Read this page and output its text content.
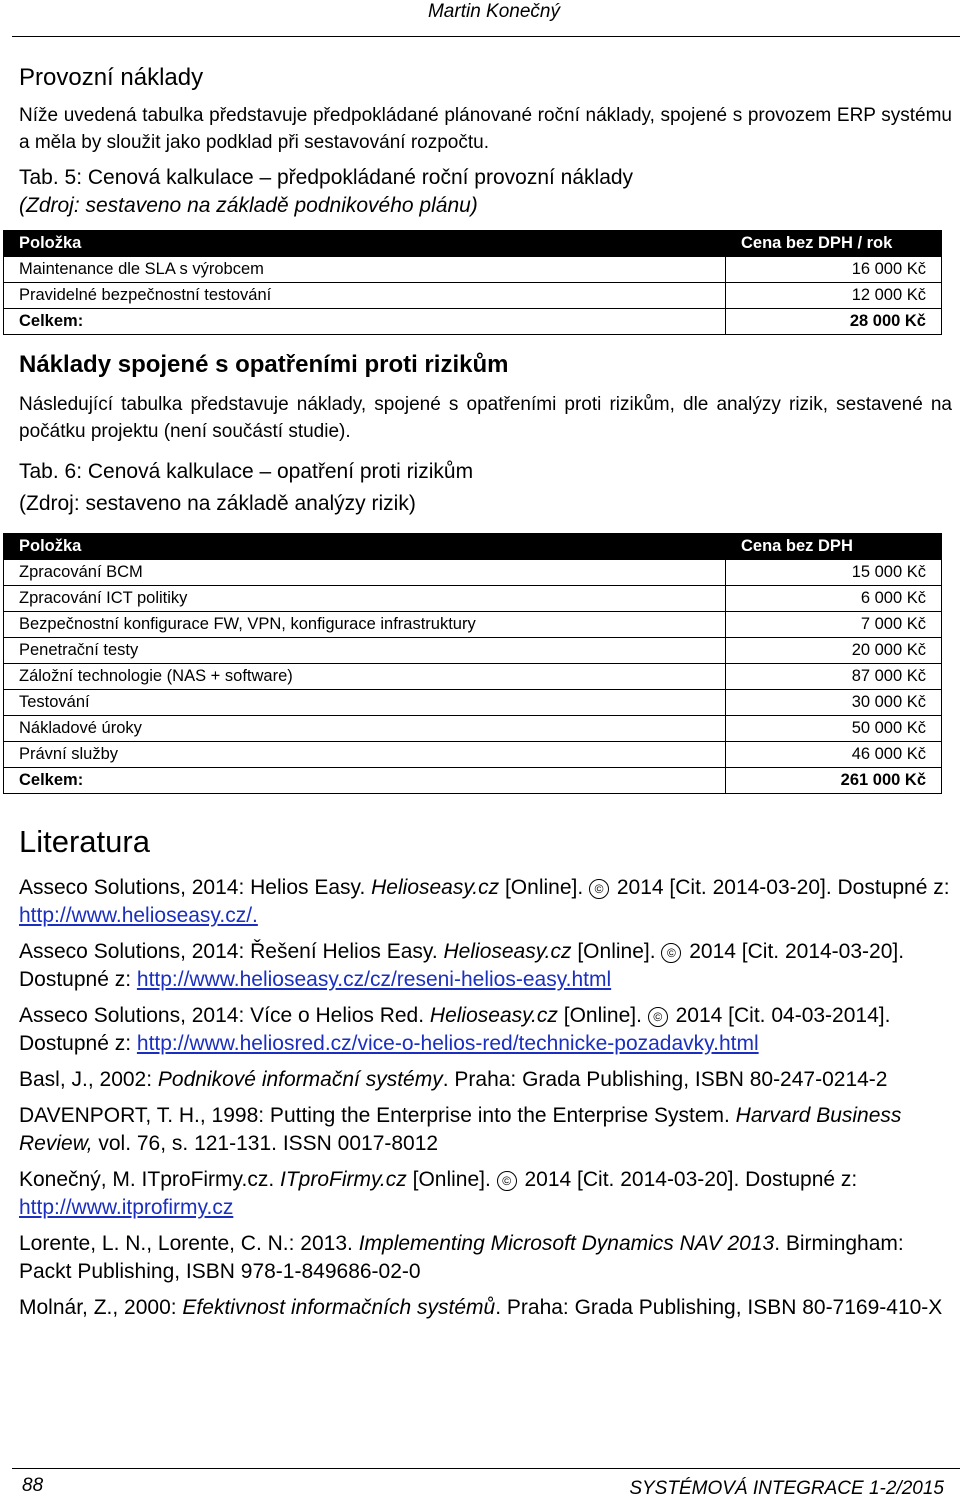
Martin Konečný
Provozní náklady

Níže uvedená tabulka představuje předpokládané plánované roční náklady, spojené s provozem ERP systému a měla by sloužit jako podklad při sestavování rozpočtu.

Tab. 5: Cenová kalkulace – předpokládané roční provozní náklady

(Zdroj: sestaveno na základě podnikového plánu)

Položka	Cena bez DPH / rok
Maintenance dle SLA s výrobcem	16 000 Kč
Pravidelné bezpečnostní testování	12 000 Kč
Celkem:	28 000 Kč
Náklady spojené s opatřeními proti rizikům

Následující tabulka představuje náklady, spojené s opatřeními proti rizikům, dle analýzy rizik, sestavené na počátku projektu (není součástí studie).

Tab. 6: Cenová kalkulace – opatření proti rizikům

(Zdroj: sestaveno na základě analýzy rizik)

Položka	Cena bez DPH
Zpracování BCM	15 000 Kč
Zpracování ICT politiky	6 000 Kč
Bezpečnostní konfigurace FW, VPN, konfigurace infrastruktury	7 000 Kč
Penetrační testy	20 000 Kč
Záložní technologie (NAS + software)	87 000 Kč
Testování	30 000 Kč
Nákladové úroky	50 000 Kč
Právní služby	46 000 Kč
Celkem:	261 000 Kč
Literatura

Asseco Solutions, 2014: Helios Easy. Helioseasy.cz [Online]. © 2014 [Cit. 2014-03-20]. Dostupné z: http://www.helioseasy.cz/.

Asseco Solutions, 2014: Řešení Helios Easy. Helioseasy.cz [Online]. © 2014 [Cit. 2014-03-20]. Dostupné z: http://www.helioseasy.cz/cz/reseni-helios-easy.html

Asseco Solutions, 2014: Více o Helios Red. Helioseasy.cz [Online]. © 2014 [Cit. 04-03-2014]. Dostupné z: http://www.heliosred.cz/vice-o-helios-red/technicke-pozadavky.html

Basl, J., 2002: Podnikové informační systémy. Praha: Grada Publishing, ISBN 80-247-0214-2

DAVENPORT, T. H., 1998: Putting the Enterprise into the Enterprise System. Harvard Business Review, vol. 76, s. 121-131. ISSN 0017-8012

Konečný, M. ITproFirmy.cz. ITproFirmy.cz [Online]. © 2014 [Cit. 2014-03-20]. Dostupné z: http://www.itprofirmy.cz

Lorente, L. N., Lorente, C. N.: 2013. Implementing Microsoft Dynamics NAV 2013. Birmingham: Packt Publishing, ISBN 978-1-849686-02-0

Molnár, Z., 2000: Efektivnost informačních systémů. Praha: Grada Publishing, ISBN 80-7169-410-X

88	SYSTÉMOVÁ INTEGRACE 1-2/2015
